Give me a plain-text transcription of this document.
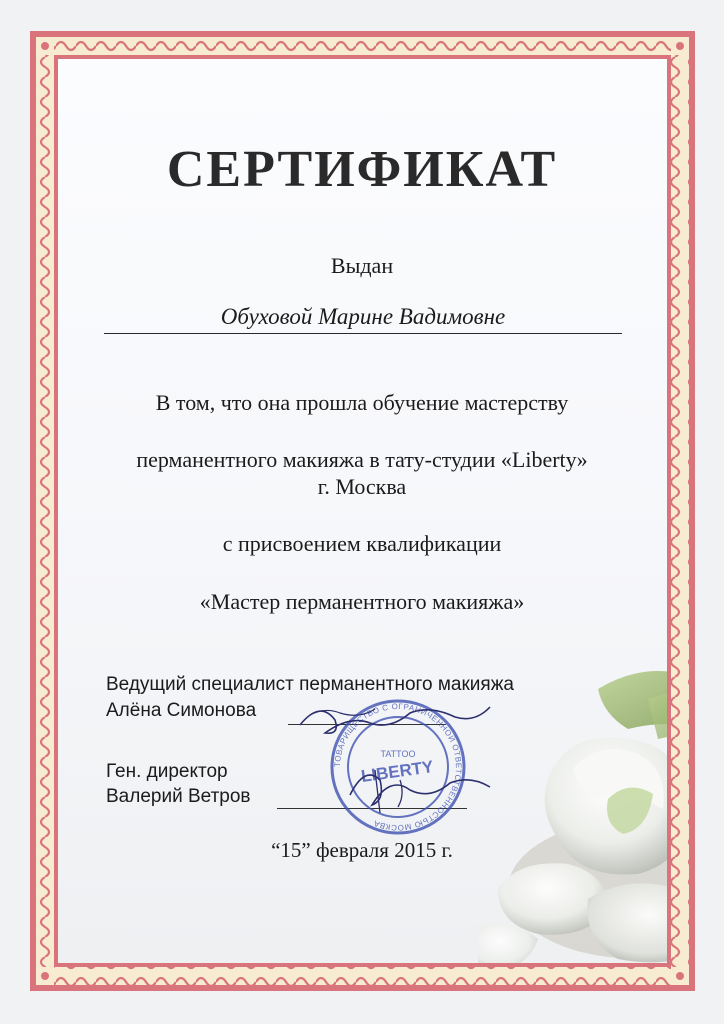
СЕРТИФИКАТ
Выдан
Обуховой Марине Вадимовне
В том, что она прошла обучение мастерству
перманентного макияжа в тату-студии «Liberty»
г. Москва
с присвоением квалификации
«Мастер перманентного макияжа»
Ведущий специалист перманентного макияжа
Алёна Симонова
Ген. директор
Валерий Ветров
ТОВАРИЩЕСТВО С ОГРАНИЧЕННОЙ ОТВЕТСТВЕННОСТЬЮ МОСКВА
TATTOO
LIBERTY
“15” февраля 2015 г.
